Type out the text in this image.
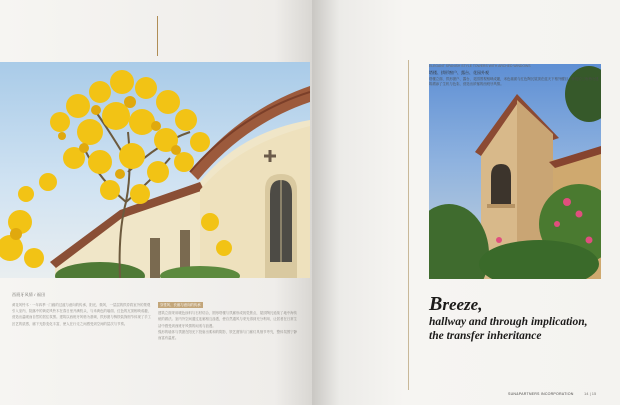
西班牙风情 / 福田

黄花风铃木 · 一年四季 · 门廊的过渡与意向的传承，阳光、微风，一层层的拱券将室外的景观引入室内，院落中的黄花风铃木在春日里开满枝头，与米黄色的墙面、红色的瓦顶相映成趣，营造出温暖而自然的居住氛围。建筑以西班牙风格为基调，拱形窗与铸铁装饰细节体现了手工匠艺的质感，廊下光影变化丰富，使人在行走之间感受到空间的层次与节奏。

穿堂风、长廊与意向的传承

建筑立面采用暖色涂料与石材结合，圆形塔楼与拱廊形成视觉焦点，屋顶陶瓦延续了地中海传统的做法。室内外空间通过连廊相互渗透，使自然通风与采光得到充分利用，让居者在日常生活中感受到西班牙风情的闲适与浪漫。

弧形的墙体与拱窗在阳光下投射出柔和的阴影，铁艺窗饰与门廊灯具细节考究，整体氛围宁静而富有温度。

ELEGANT SPANISH STYLE TOWERS WITH ARCHED WINDOWS
塔楼、拱形窗户、露台、花园外观
塔楼立面、拱形窗户、露台、花园景观相映成趣，米色墙面与红色陶瓦屋顶在蓝天下格外醒目，攀爬的三角梅为建筑增添了生机与色彩，营造出浓郁的西班牙风情。
Breeze,
hallway and through implication,
the transfer inheritance
SUN&PARTNERS INCORPORATION	14 | 15
